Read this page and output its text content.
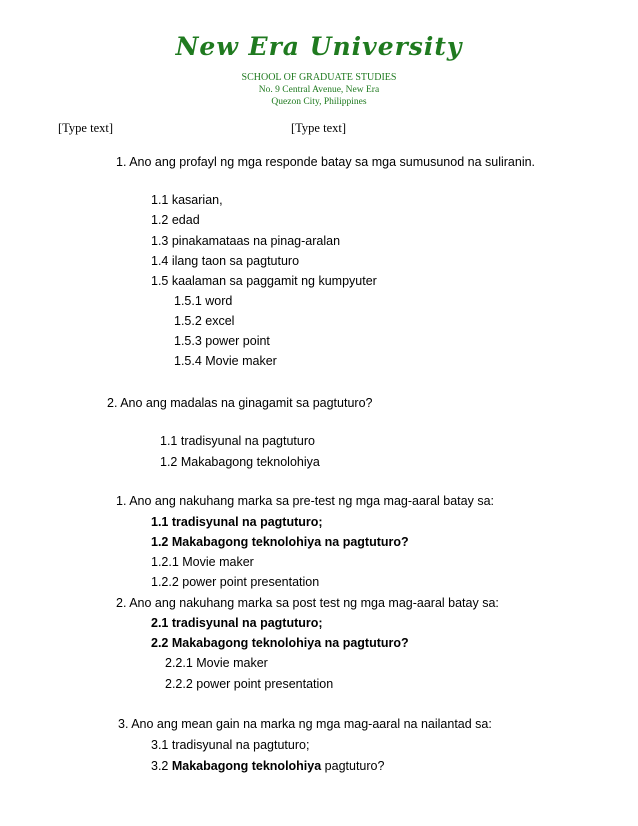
New Era University
SCHOOL OF GRADUATE STUDIES
No. 9 Central Avenue, New Era
Quezon City, Philippines
[Type text]	[Type text]
1. Ano ang profayl ng mga responde batay sa mga sumusunod na suliranin.
1.1 kasarian,
1.2 edad
1.3 pinakamataas na pinag-aralan
1.4 ilang taon sa pagtuturo
1.5 kaalaman sa paggamit ng kumpyuter
1.5.1 word
1.5.2 excel
1.5.3 power point
1.5.4 Movie maker
2. Ano ang madalas na ginagamit sa pagtuturo?
1.1 tradisyunal na pagtuturo
1.2 Makabagong teknolohiya
1. Ano ang nakuhang marka sa pre-test ng mga mag-aaral batay sa:
1.1 tradisyunal na pagtuturo;
1.2 Makabagong teknolohiya na pagtuturo?
1.2.1 Movie maker
1.2.2 power point presentation
2. Ano ang nakuhang marka sa post test ng mga mag-aaral batay sa:
2.1 tradisyunal na pagtuturo;
2.2 Makabagong teknolohiya na pagtuturo?
2.2.1 Movie maker
2.2.2 power point presentation
3. Ano ang mean gain na marka ng mga mag-aaral na nailantad sa:
3.1 tradisyunal na pagtuturo;
3.2 Makabagong teknolohiya pagtuturo?
